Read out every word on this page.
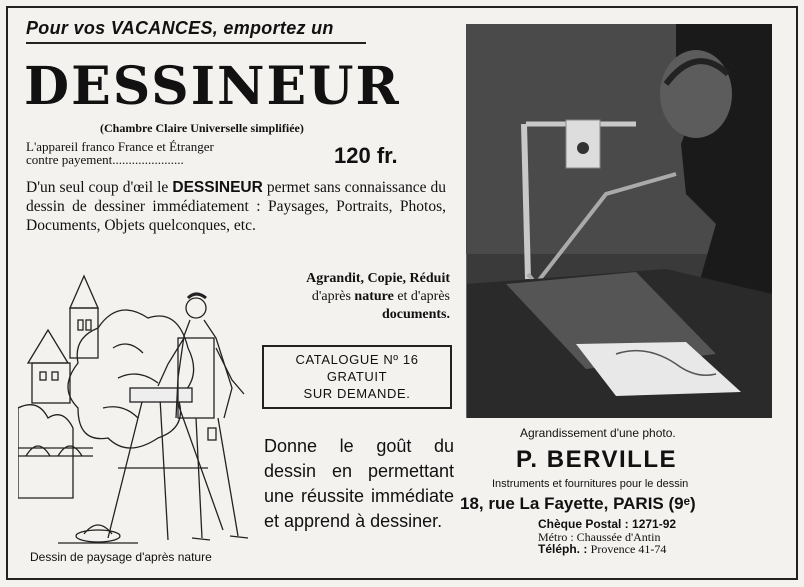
Pour vos VACANCES, emportez un
DESSINEUR
(Chambre Claire Universelle simplifiée)
L'appareil franco France et Étranger
contre payement......................	120 fr.
D'un seul coup d'œil le DESSINEUR permet sans connaissance du dessin de dessiner immédiatement : Paysages, Portraits, Photos, Documents, Objets quelconques, etc.
Agrandit, Copie, Réduit
d'après nature et d'après
documents.
CATALOGUE Nº 16
GRATUIT
SUR DEMANDE.
Donne le goût du dessin en permettant une réussite immédiate et apprend à dessiner.
Dessin de paysage d'après nature
Agrandissement d'une photo.
P. BERVILLE
Instruments et fournitures pour le dessin
18, rue La Fayette, PARIS (9ᵉ)
Chèque Postal : 1271-92
Métro : Chaussée d'Antin
Téléph. : Provence 41-74
